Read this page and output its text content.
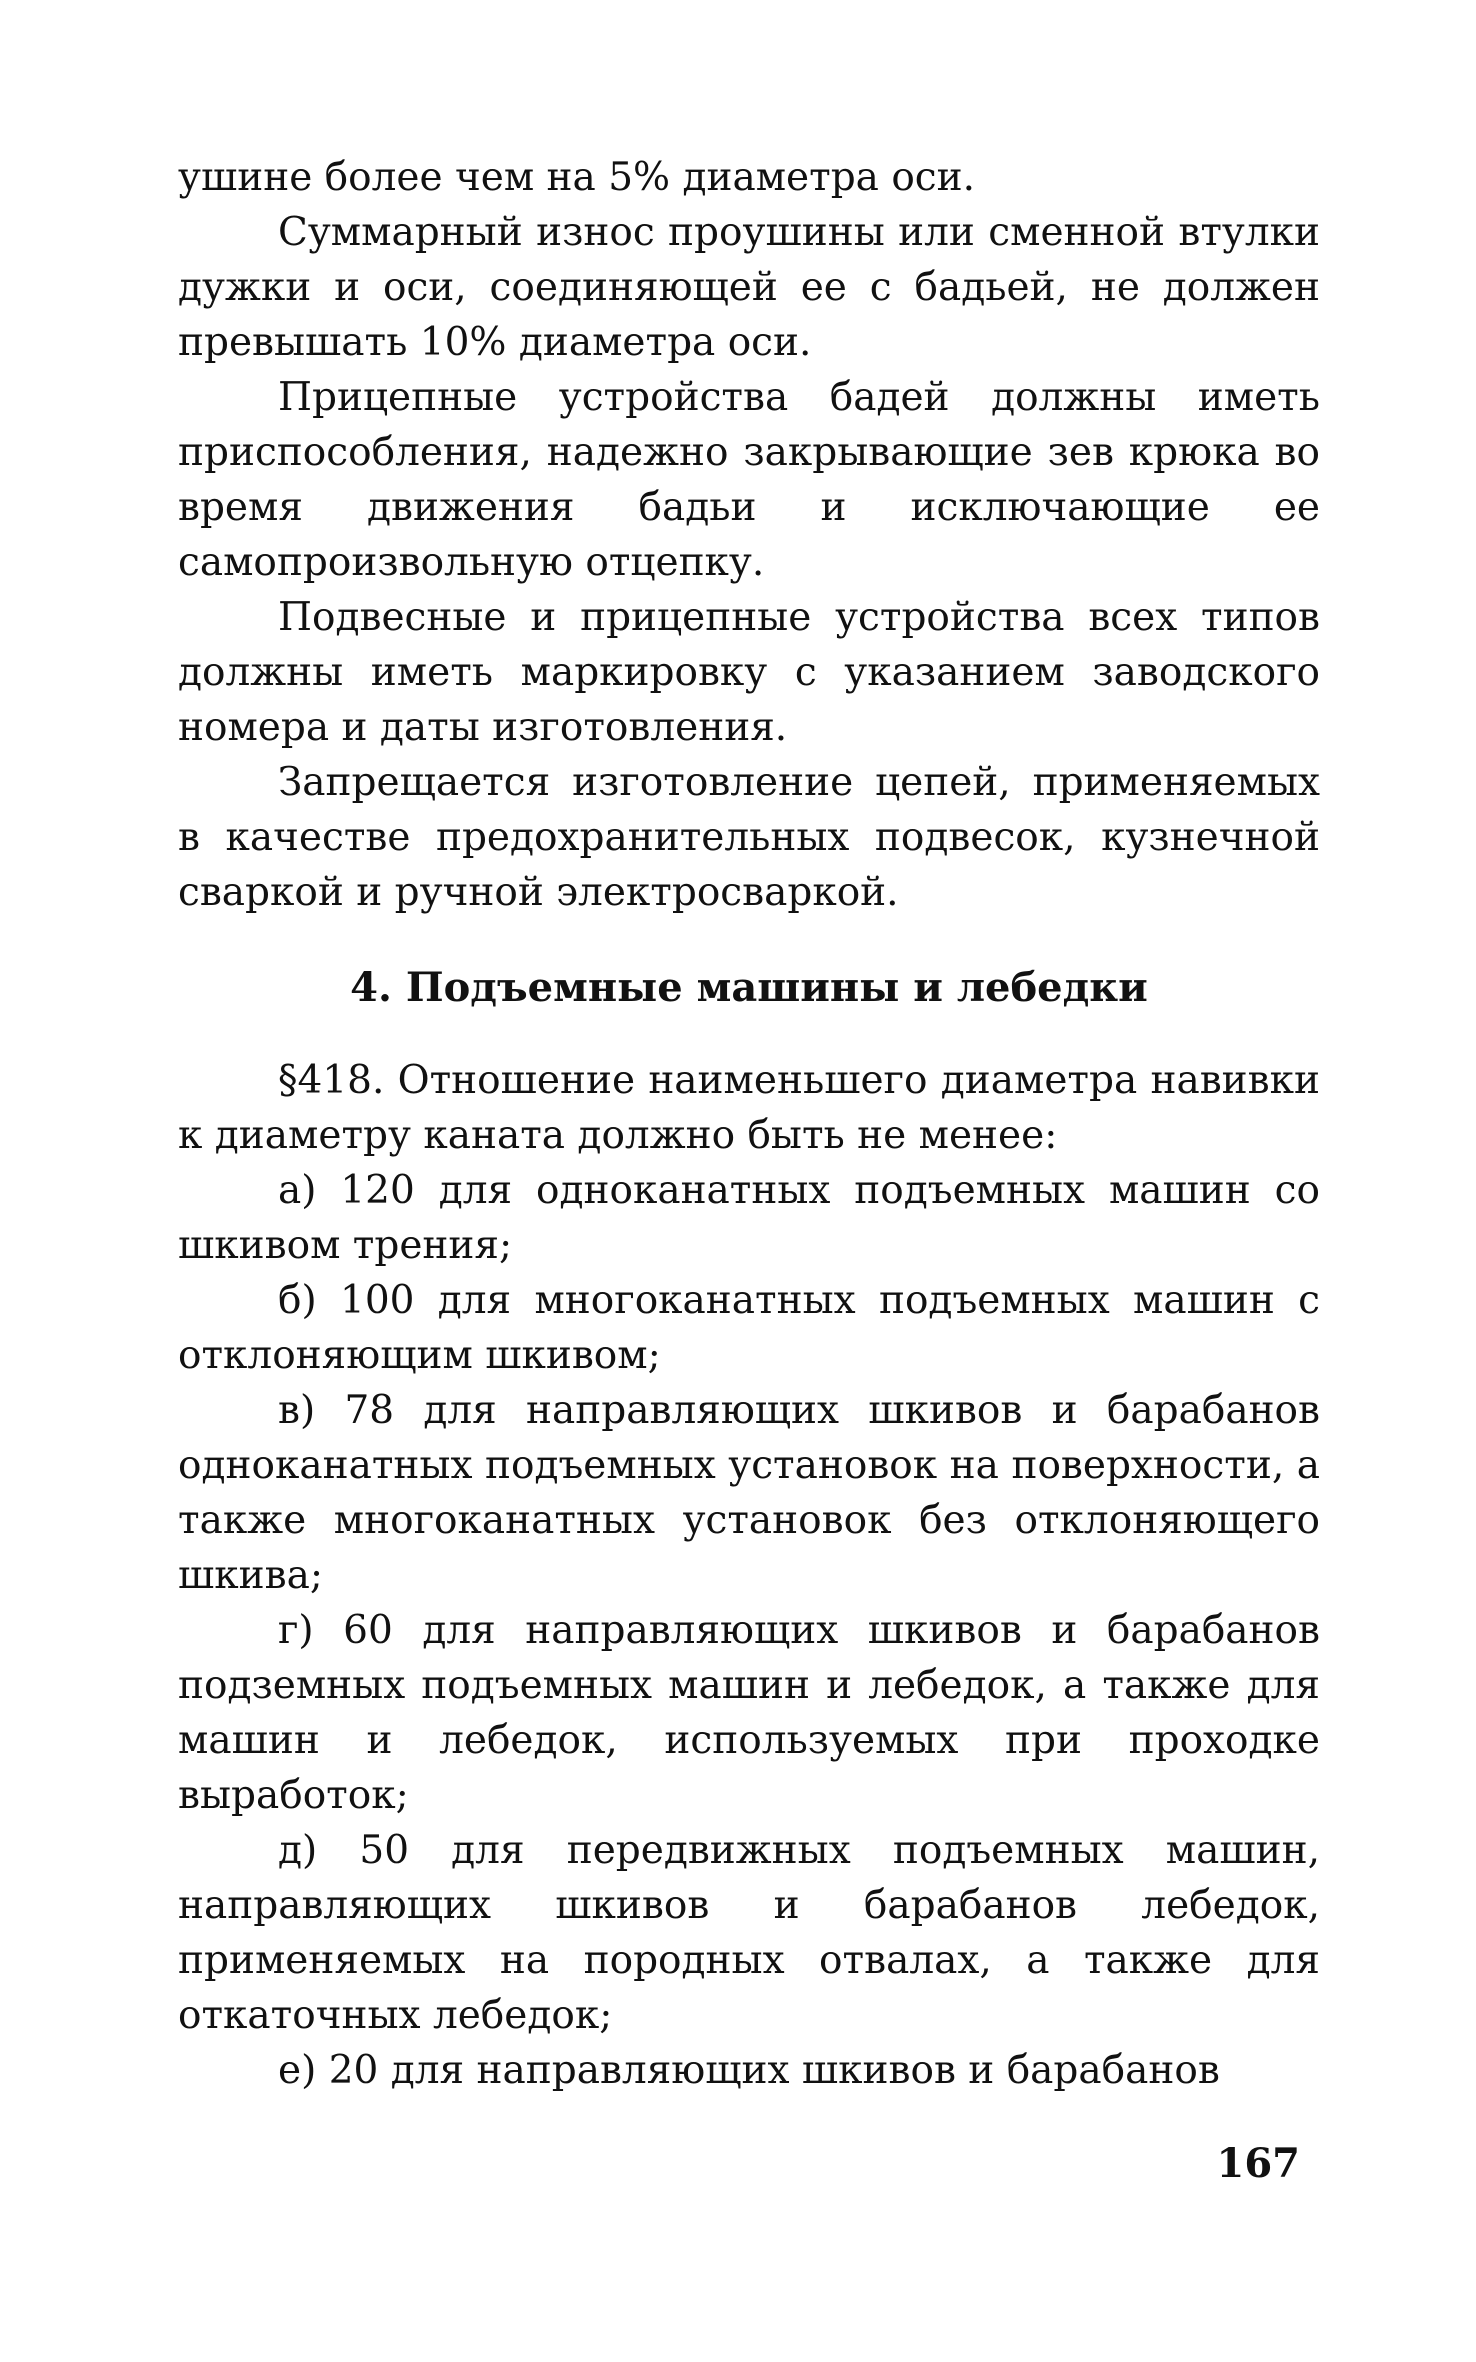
ушине более чем на 5% диаметра оси.

Суммарный износ проушины или сменной втулки дужки и оси, соединяющей ее с бадьей, не должен превышать 10% диаметра оси.

Прицепные устройства бадей должны иметь приспособления, надежно закрывающие зев крюка во время движения бадьи и исключающие ее самопроизвольную отцепку.

Подвесные и прицепные устройства всех типов должны иметь маркировку с указанием заводского номера и даты изготовления.

Запрещается изготовление цепей, применяемых в качестве предохранительных подвесок, кузнечной сваркой и ручной электросваркой.

4. Подъемные машины и лебедки

§418. Отношение наименьшего диаметра навивки к диаметру каната должно быть не менее:

а) 120 для одноканатных подъемных машин со шкивом трения;

б) 100 для многоканатных подъемных машин с отклоняющим шкивом;

в) 78 для направляющих шкивов и барабанов одноканатных подъемных установок на поверхности, а также многоканатных установок без отклоняющего шкива;

г) 60 для направляющих шкивов и барабанов подземных подъемных машин и лебедок, а также для машин и лебедок, используемых при проходке выработок;

д) 50 для передвижных подъемных машин, направляющих шкивов и барабанов лебедок, применяемых на породных отвалах, а также для откаточных лебедок;

е) 20 для направляющих шкивов и барабанов

167
